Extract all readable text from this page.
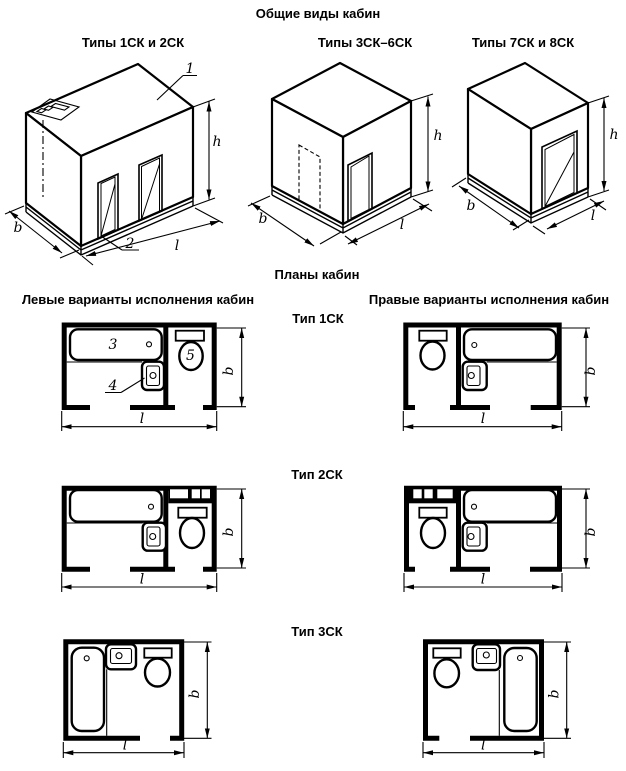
Общие виды кабин
Типы 1СК и 2СК	Типы 3СК–6СК	Типы 7СК и 8СК
Планы кабин
Левые варианты исполнения кабин	Правые варианты исполнения кабин
Тип 1СК
Тип 2СК
Тип 3СК
1
2
h
b
l
h
b	l
h
b
l
3
4
5
b
l
b
l
b
l
b
l
b
l
b
l
